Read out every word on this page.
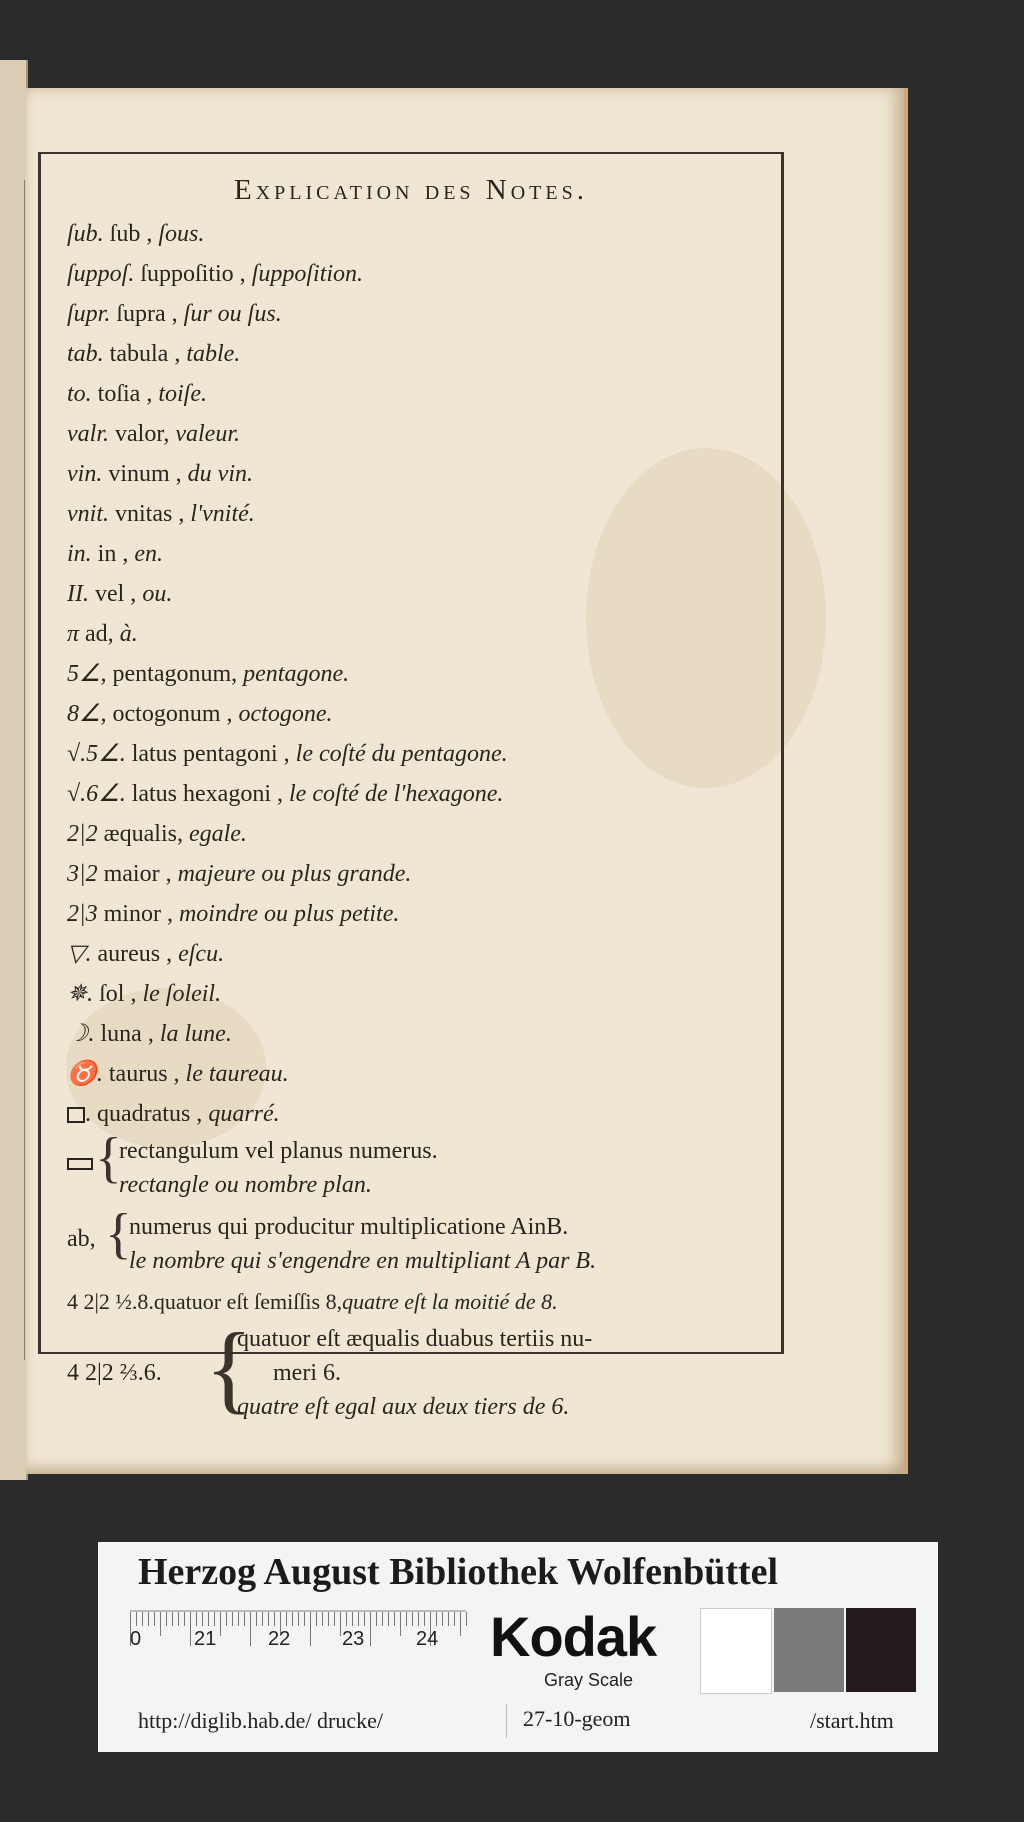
Explication des Notes.
ſub. ſub , ſous.
ſuppoſ. ſuppoſitio , ſuppoſition.
ſupr. ſupra , ſur ou ſus.
tab. tabula , table.
to. toſia , toiſe.
valr. valor, valeur.
vin. vinum , du vin.
vnit. vnitas , l'vnité.
in. in , en.
II. vel , ou.
π ad, à.
5∠, pentagonum, pentagone.
8∠, octogonum , octogone.
√.5∠. latus pentagoni , le coſté du pentagone.
√.6∠. latus hexagoni , le coſté de l'hexagone.
2|2 æqualis, egale.
3|2 maior , majeure ou plus grande.
2|3 minor , moindre ou plus petite.
▽. aureus , eſcu.
✵. ſol , le ſoleil.
☽. luna , la lune.
♉. taurus , le taureau.
. quadratus , quarré.
{
rectangulum vel planus numerus.
rectangle ou nombre plan.
ab, {
numerus qui producitur multiplicatione AinB.
le nombre qui s'engendre en multipliant A par B.
4 2|2 ½.8.quatuor eſt ſemiſſis 8,quatre eſt la moitié de 8.
4 2|2 ⅔.6. {
quatuor eſt æqualis duabus tertiis nu-
meri 6.
quatre eſt egal aux deux tiers de 6.
Herzog August Bibliothek Wolfenbüttel
0	21	22	23	24 Kodak
Gray Scale
http://diglib.hab.de/ drucke/	27-10-geom	/start.htm
